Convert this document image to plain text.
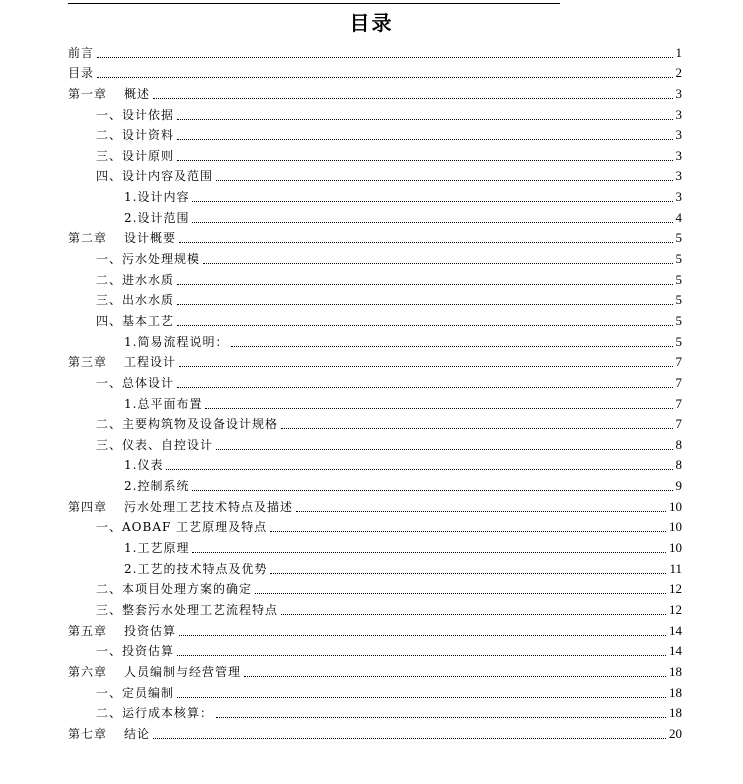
目录
前言	1
目录	2
第一章	概述	3
一、设计依据	3
二、设计资料	3
三、设计原则	3
四、设计内容及范围	3
1.设计内容	3
2.设计范围	4
第二章	设计概要	5
一、污水处理规模	5
二、进水水质	5
三、出水水质	5
四、基本工艺	5
1.简易流程说明：	5
第三章	工程设计	7
一、总体设计	7
1.总平面布置	7
二、主要构筑物及设备设计规格	7
三、仪表、自控设计	8
1.仪表	8
2.控制系统	9
第四章	污水处理工艺技术特点及描述	10
一、AOBAF 工艺原理及特点	10
1.工艺原理	10
2.工艺的技术特点及优势	11
二、本项目处理方案的确定	12
三、整套污水处理工艺流程特点	12
第五章	投资估算	14
一、投资估算	14
第六章	人员编制与经营管理	18
一、定员编制	18
二、运行成本核算：	18
第七章	结论	20
